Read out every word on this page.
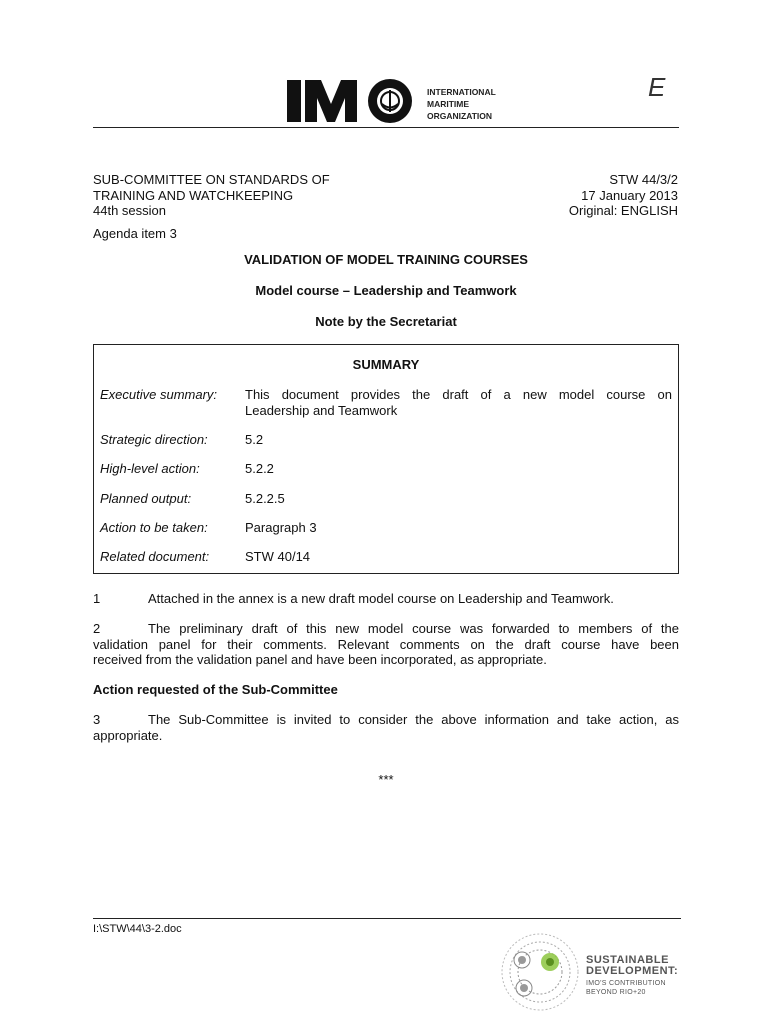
IMO
INTERNATIONAL
MARITIME
ORGANIZATION
E
SUB-COMMITTEE ON STANDARDS OF
TRAINING AND WATCHKEEPING
44th session
Agenda item 3
STW 44/3/2
17 January 2013
Original: ENGLISH
VALIDATION OF MODEL TRAINING COURSES
Model course – Leadership and Teamwork
Note by the Secretariat
SUMMARY
Executive summary: This document provides the draft of a new model course on
Leadership and Teamwork
Strategic direction:	5.2
High-level action:	5.2.2
Planned output:	5.2.2.5
Action to be taken:	Paragraph 3
Related document:	STW 40/14
1	Attached in the annex is a new draft model course on Leadership and Teamwork.
2	The preliminary draft of this new model course was forwarded to members of the
validation panel for their comments. Relevant comments on the draft course have been
received from the validation panel and have been incorporated, as appropriate.
Action requested of the Sub-Committee
3	The Sub-Committee is invited to consider the above information and take action, as
appropriate.
***
I:\STW\44\3-2.doc
SUSTAINABLE
DEVELOPMENT:
IMO'S CONTRIBUTION
BEYOND RIO+20
